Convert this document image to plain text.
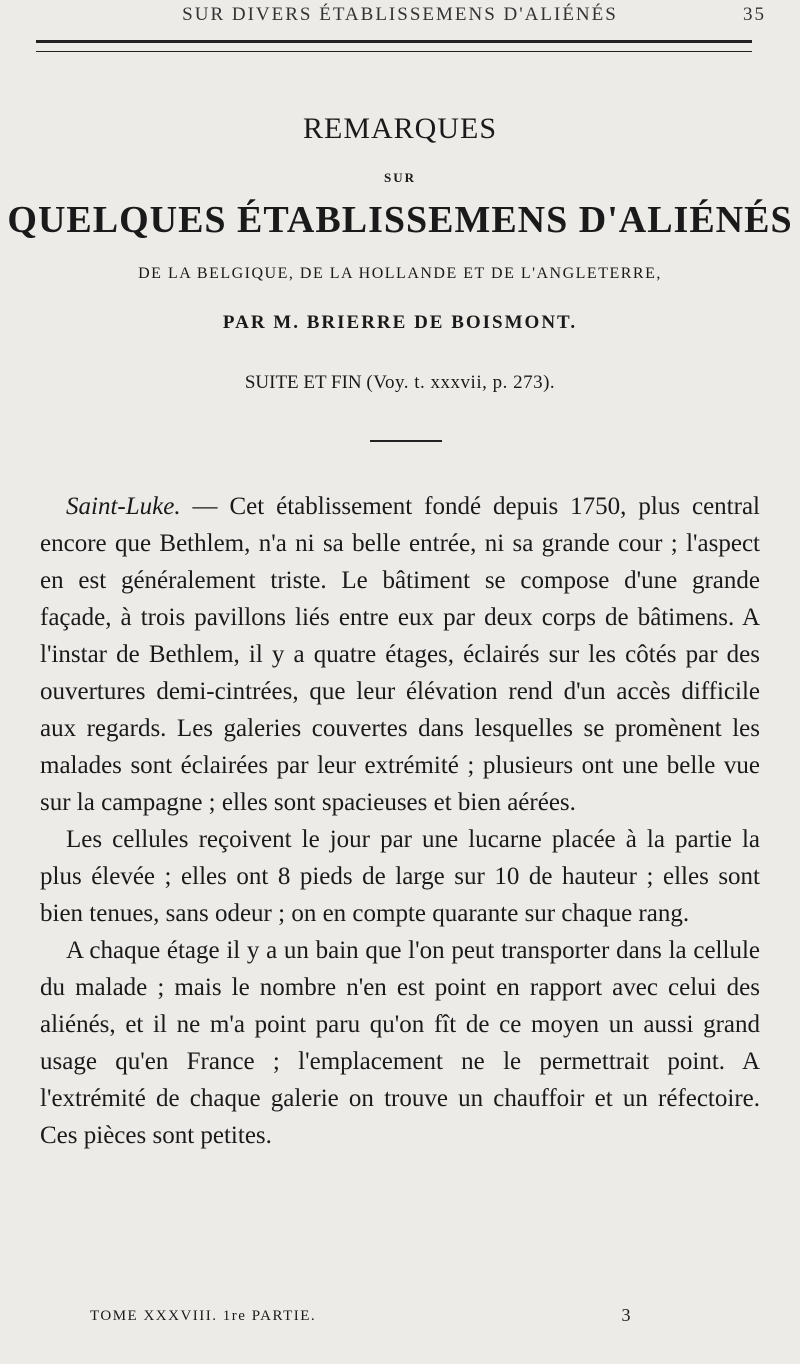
SUR DIVERS ÉTABLISSEMENS D'ALIÉNÉS	35
REMARQUES
SUR
QUELQUES ÉTABLISSEMENS D'ALIÉNÉS
DE LA BELGIQUE, DE LA HOLLANDE ET DE L'ANGLETERRE,
PAR M. BRIERRE DE BOISMONT.
SUITE ET FIN (Voy. t. xxxvii, p. 273).

Saint-Luke. — Cet établissement fondé depuis 1750, plus central encore que Bethlem, n'a ni sa belle entrée, ni sa grande cour ; l'aspect en est généralement triste. Le bâtiment se compose d'une grande façade, à trois pavillons liés entre eux par deux corps de bâtimens. A l'instar de Bethlem, il y a quatre étages, éclairés sur les côtés par des ouvertures demi-cintrées, que leur élévation rend d'un accès difficile aux regards. Les galeries couvertes dans lesquelles se promènent les malades sont éclairées par leur extrémité ; plusieurs ont une belle vue sur la campagne ; elles sont spacieuses et bien aérées.

Les cellules reçoivent le jour par une lucarne placée à la partie la plus élevée ; elles ont 8 pieds de large sur 10 de hauteur ; elles sont bien tenues, sans odeur ; on en compte quarante sur chaque rang.

A chaque étage il y a un bain que l'on peut transporter dans la cellule du malade ; mais le nombre n'en est point en rapport avec celui des aliénés, et il ne m'a point paru qu'on fît de ce moyen un aussi grand usage qu'en France ; l'emplacement ne le permettrait point. A l'extrémité de chaque galerie on trouve un chauffoir et un réfectoire. Ces pièces sont petites.

TOME XXXVIII. 1re PARTIE.	3
